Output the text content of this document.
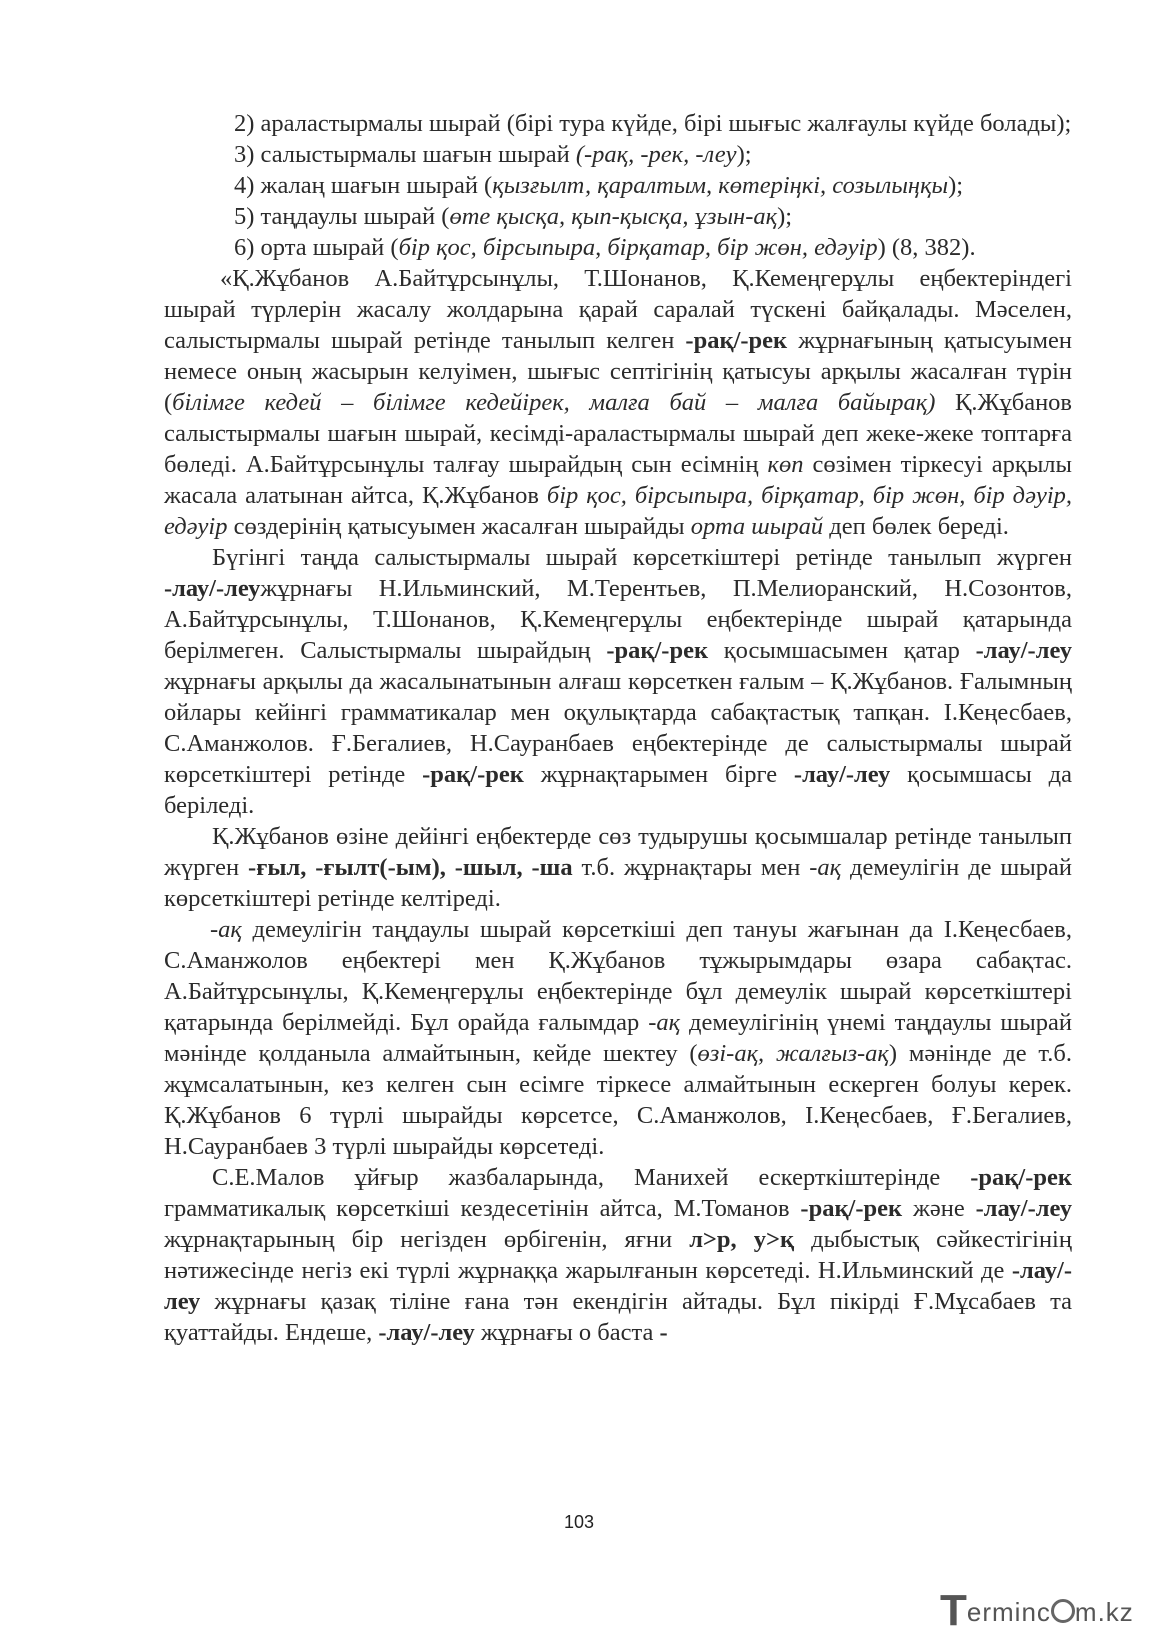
2) араластырмалы шырай (бірі тура күйде, бірі шығыс жалғаулы күйде болады);

3) салыстырмалы шағын шырай (-рақ, -рек, -леу);

4) жалаң шағын шырай (қызғылт, қаралтым, көтеріңкі, созылыңқы);

5) таңдаулы шырай (өте қысқа, қып-қысқа, ұзын-ақ);

6) орта шырай (бір қос, бірсыпыра, бірқатар, бір жөн, едәуір) (8, 382).

«Қ.Жұбанов А.Байтұрсынұлы, Т.Шонанов, Қ.Кемеңгерұлы еңбектеріндегі шырай түрлерін жасалу жолдарына қарай саралай түскені байқалады. Мәселен, салыстырмалы шырай ретінде танылып келген -рақ/-рек жұрнағының қатысуымен немесе оның жасырын келуімен, шығыс септігінің қатысуы арқылы жасалған түрін (білімге кедей – білімге кедейірек, малға бай – малға байырақ) Қ.Жұбанов салыстырмалы шағын шырай, кесімді-араластырмалы шырай деп жеке-жеке топтарға бөледі. А.Байтұрсынұлы талғау шырайдың сын есімнің көп сөзімен тіркесуі арқылы жасала алатынан айтса, Қ.Жұбанов бір қос, бірсыпыра, бірқатар, бір жөн, бір дәуір, едәуір сөздерінің қатысуымен жасалған шырайды орта шырай деп бөлек береді.

Бүгінгі таңда салыстырмалы шырай көрсеткіштері ретінде танылып жүрген -лау/-леужұрнағы Н.Ильминский, М.Терентьев, П.Мелиоранский, Н.Созонтов, А.Байтұрсынұлы, Т.Шонанов, Қ.Кемеңгерұлы еңбектерінде шырай қатарында берілмеген. Салыстырмалы шырайдың -рақ/-рек қосымшасымен қатар -лау/-леу жұрнағы арқылы да жасалынатынын алғаш көрсеткен ғалым – Қ.Жұбанов. Ғалымның ойлары кейінгі грамматикалар мен оқулықтарда сабақтастық тапқан. І.Кеңесбаев, С.Аманжолов. Ғ.Бегалиев, Н.Сауранбаев еңбектерінде де салыстырмалы шырай көрсеткіштері ретінде -рақ/-рек жұрнақтарымен бірге -лау/-леу қосымшасы да беріледі.

Қ.Жұбанов өзіне дейінгі еңбектерде сөз тудырушы қосымшалар ретінде танылып жүрген -ғыл, -ғылт(-ым), -шыл, -ша т.б. жұрнақтары мен -ақ демеулігін де шырай көрсеткіштері ретінде келтіреді.

-ақ демеулігін таңдаулы шырай көрсеткіші деп тануы жағынан да І.Кеңесбаев, С.Аманжолов еңбектері мен Қ.Жұбанов тұжырымдары өзара сабақтас. А.Байтұрсынұлы, Қ.Кемеңгерұлы еңбектерінде бұл демеулік шырай көрсеткіштері қатарында берілмейді. Бұл орайда ғалымдар -ақ демеулігінің үнемі таңдаулы шырай мәнінде қолданыла алмайтынын, кейде шектеу (өзі-ақ, жалғыз-ақ) мәнінде де т.б. жұмсалатынын, кез келген сын есімге тіркесе алмайтынын ескерген болуы керек. Қ.Жұбанов 6 түрлі шырайды көрсетсе, С.Аманжолов, І.Кеңесбаев, Ғ.Бегалиев, Н.Сауранбаев 3 түрлі шырайды көрсетеді.

С.Е.Малов ұйғыр жазбаларында, Манихей ескерткіштерінде -рақ/-рек грамматикалық көрсеткіші кездесетінін айтса, М.Томанов -рақ/-рек және -лау/-леу жұрнақтарының бір негізден өрбігенін, яғни л>р, у>қ дыбыстық сәйкестігінің нәтижесінде негіз екі түрлі жұрнаққа жарылғанын көрсетеді. Н.Ильминский де -лау/-леу жұрнағы қазақ тіліне ғана тән екендігін айтады. Бұл пікірді Ғ.Мұсабаев та қуаттайды. Ендеше, -лау/-леу жұрнағы о баста -

103
Terminc m.kz
